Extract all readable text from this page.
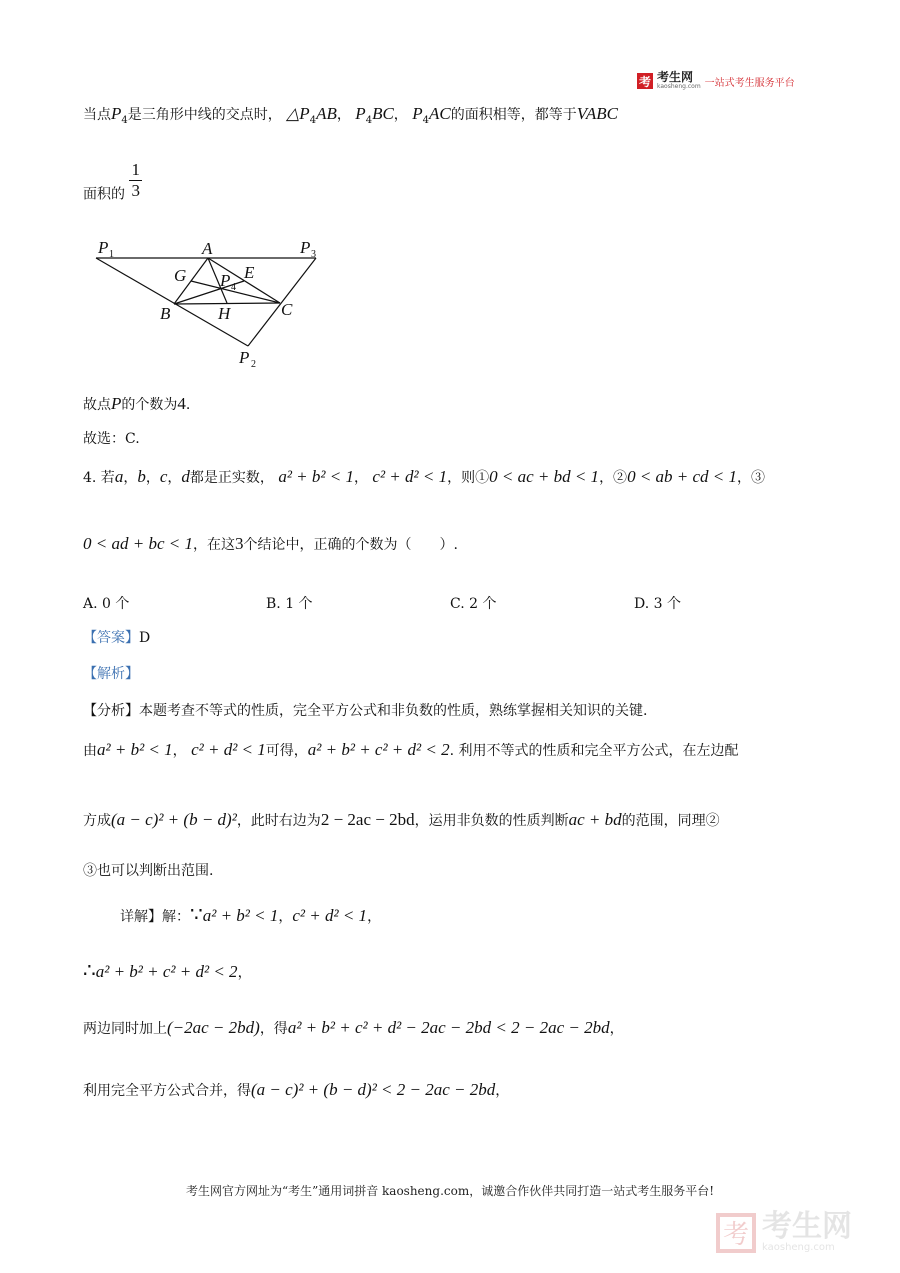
考 考生网
kaosheng.com 一站式考生服务平台
当点$P_4$是三角形中线的交点时， $\triangle P_4AB$， $P_4BC$， $P_4AC$的面积相等，都等于VABC
面积的 $\frac{1}{3}$
P 1	A	P 3
G	E
P 4
B	H	C
P 2
故点P的个数为4.
故选：C.
4. 若a，b，c，d都是正实数， a² + b² < 1， c² + d² < 1，则①0 < ac + bd < 1，②0 < ab + cd < 1，③
0 < ad + bc < 1，在这3个结论中，正确的个数为（　　）.
A. 0 个	B. 1 个	C. 2 个	D. 3 个
【答案】D
【解析】
【分析】本题考查不等式的性质，完全平方公式和非负数的性质，熟练掌握相关知识的关键.
由a² + b² < 1， c² + d² < 1可得，a² + b² + c² + d² < 2. 利用不等式的性质和完全平方公式，在左边配
方成(a − c)² + (b − d)²，此时右边为2 − 2ac − 2bd，运用非负数的性质判断ac + bd的范围，同理②
③也可以判断出范围.
详解】解：∵a² + b² < 1，c² + d² < 1，
∴a² + b² + c² + d² < 2，
两边同时加上(−2ac − 2bd)，得a² + b² + c² + d² − 2ac − 2bd < 2 − 2ac − 2bd，
利用完全平方公式合并，得(a − c)² + (b − d)² < 2 − 2ac − 2bd，
考生网官方网址为“考生”通用词拼音 kaosheng.com，诚邀合作伙伴共同打造一站式考生服务平台!
考 考生网
kaosheng.com
